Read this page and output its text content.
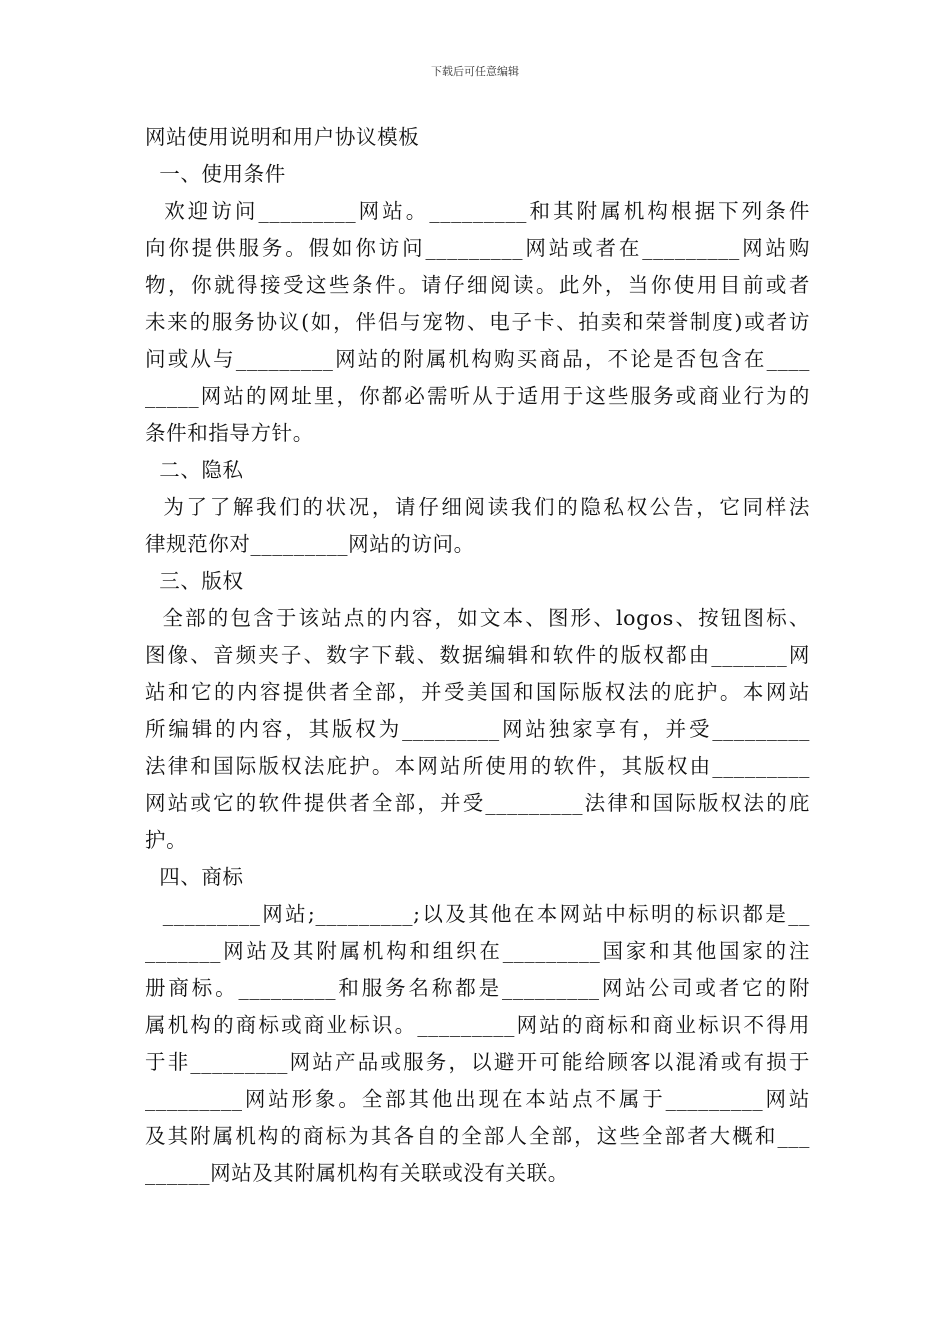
下载后可任意编辑
网站使用说明和用户协议模板
一、使用条件
欢迎访问_________网站。_________和其附属机构根据下列条件
向你提供服务。假如你访问_________网站或者在_________网站购
物，你就得接受这些条件。请仔细阅读。此外，当你使用目前或者
未来的服务协议(如，伴侣与宠物、电子卡、拍卖和荣誉制度)或者访
问或从与_________网站的附属机构购买商品，不论是否包含在____
_____网站的网址里，你都必需听从于适用于这些服务或商业行为的
条件和指导方针。
二、隐私
为了了解我们的状况，请仔细阅读我们的隐私权公告，它同样法
律规范你对_________网站的访问。
三、版权
全部的包含于该站点的内容，如文本、图形、logos、按钮图标、
图像、音频夹子、数字下载、数据编辑和软件的版权都由_______网
站和它的内容提供者全部，并受美国和国际版权法的庇护。本网站
所编辑的内容，其版权为_________网站独家享有，并受_________
法律和国际版权法庇护。本网站所使用的软件，其版权由_________
网站或它的软件提供者全部，并受_________法律和国际版权法的庇
护。
四、商标
_________网站;_________;以及其他在本网站中标明的标识都是__
_______网站及其附属机构和组织在_________国家和其他国家的注
册商标。_________和服务名称都是_________网站公司或者它的附
属机构的商标或商业标识。_________网站的商标和商业标识不得用
于非_________网站产品或服务，以避开可能给顾客以混淆或有损于
_________网站形象。全部其他出现在本站点不属于_________网站
及其附属机构的商标为其各自的全部人全部，这些全部者大概和___
______网站及其附属机构有关联或没有关联。
